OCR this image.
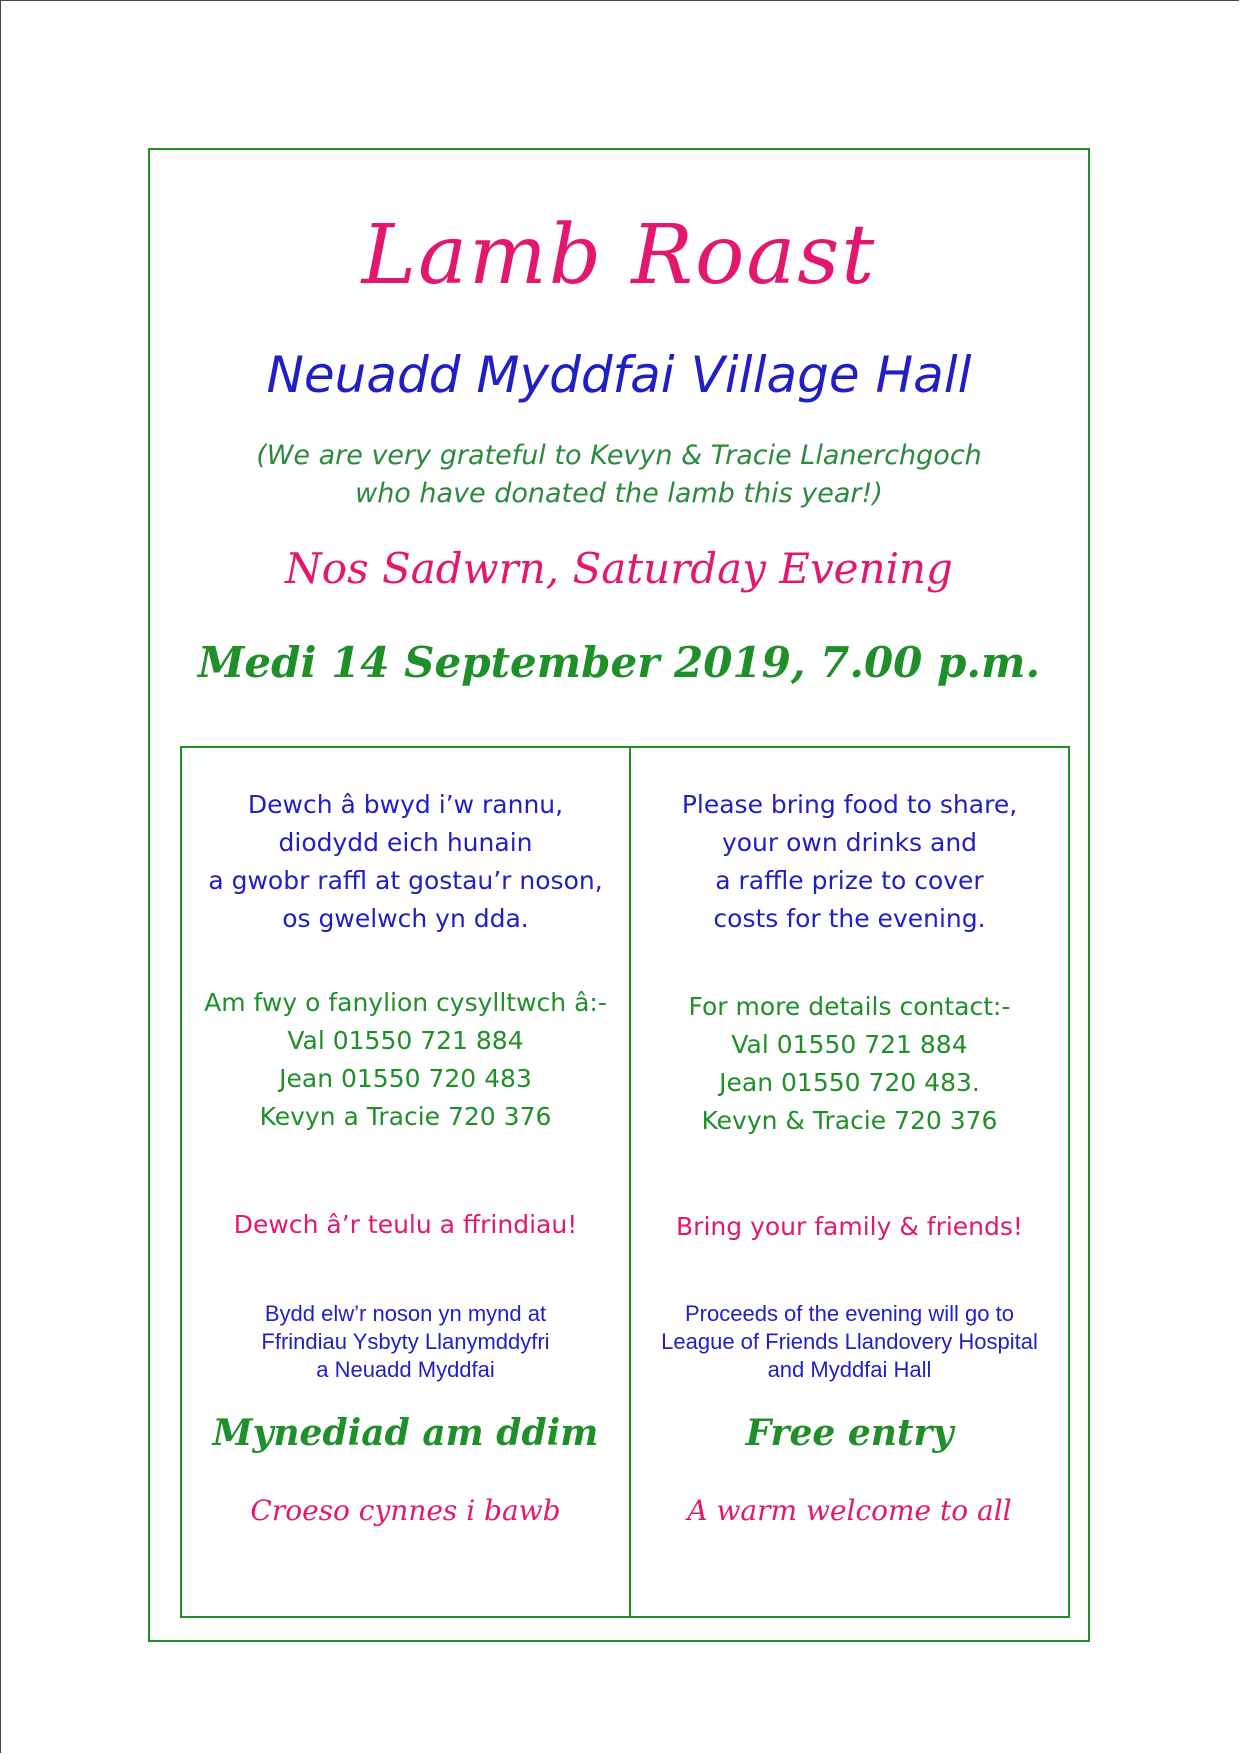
Lamb Roast
Neuadd Myddfai Village Hall
(We are very grateful to Kevyn & Tracie Llanerchgoch
who have donated the lamb this year!)
Nos Sadwrn, Saturday Evening
Medi 14 September 2019, 7.00 p.m.
Dewch â bwyd i’w rannu,
diodydd eich hunain
a gwobr raffl at gostau’r noson,
os gwelwch yn dda.
Am fwy o fanylion cysylltwch â:-
Val 01550 721 884
Jean 01550 720 483
Kevyn a Tracie 720 376
Dewch â’r teulu a ffrindiau!
Bydd elw’r noson yn mynd at
Ffrindiau Ysbyty Llanymddyfri
a Neuadd Myddfai
Mynediad am ddim
Croeso cynnes i bawb
Please bring food to share,
your own drinks and
a raffle prize to cover
costs for the evening.
For more details contact:-
Val 01550 721 884
Jean 01550 720 483.
Kevyn & Tracie 720 376
Bring your family & friends!
Proceeds of the evening will go to
League of Friends Llandovery Hospital
and Myddfai Hall
Free entry
A warm welcome to all
